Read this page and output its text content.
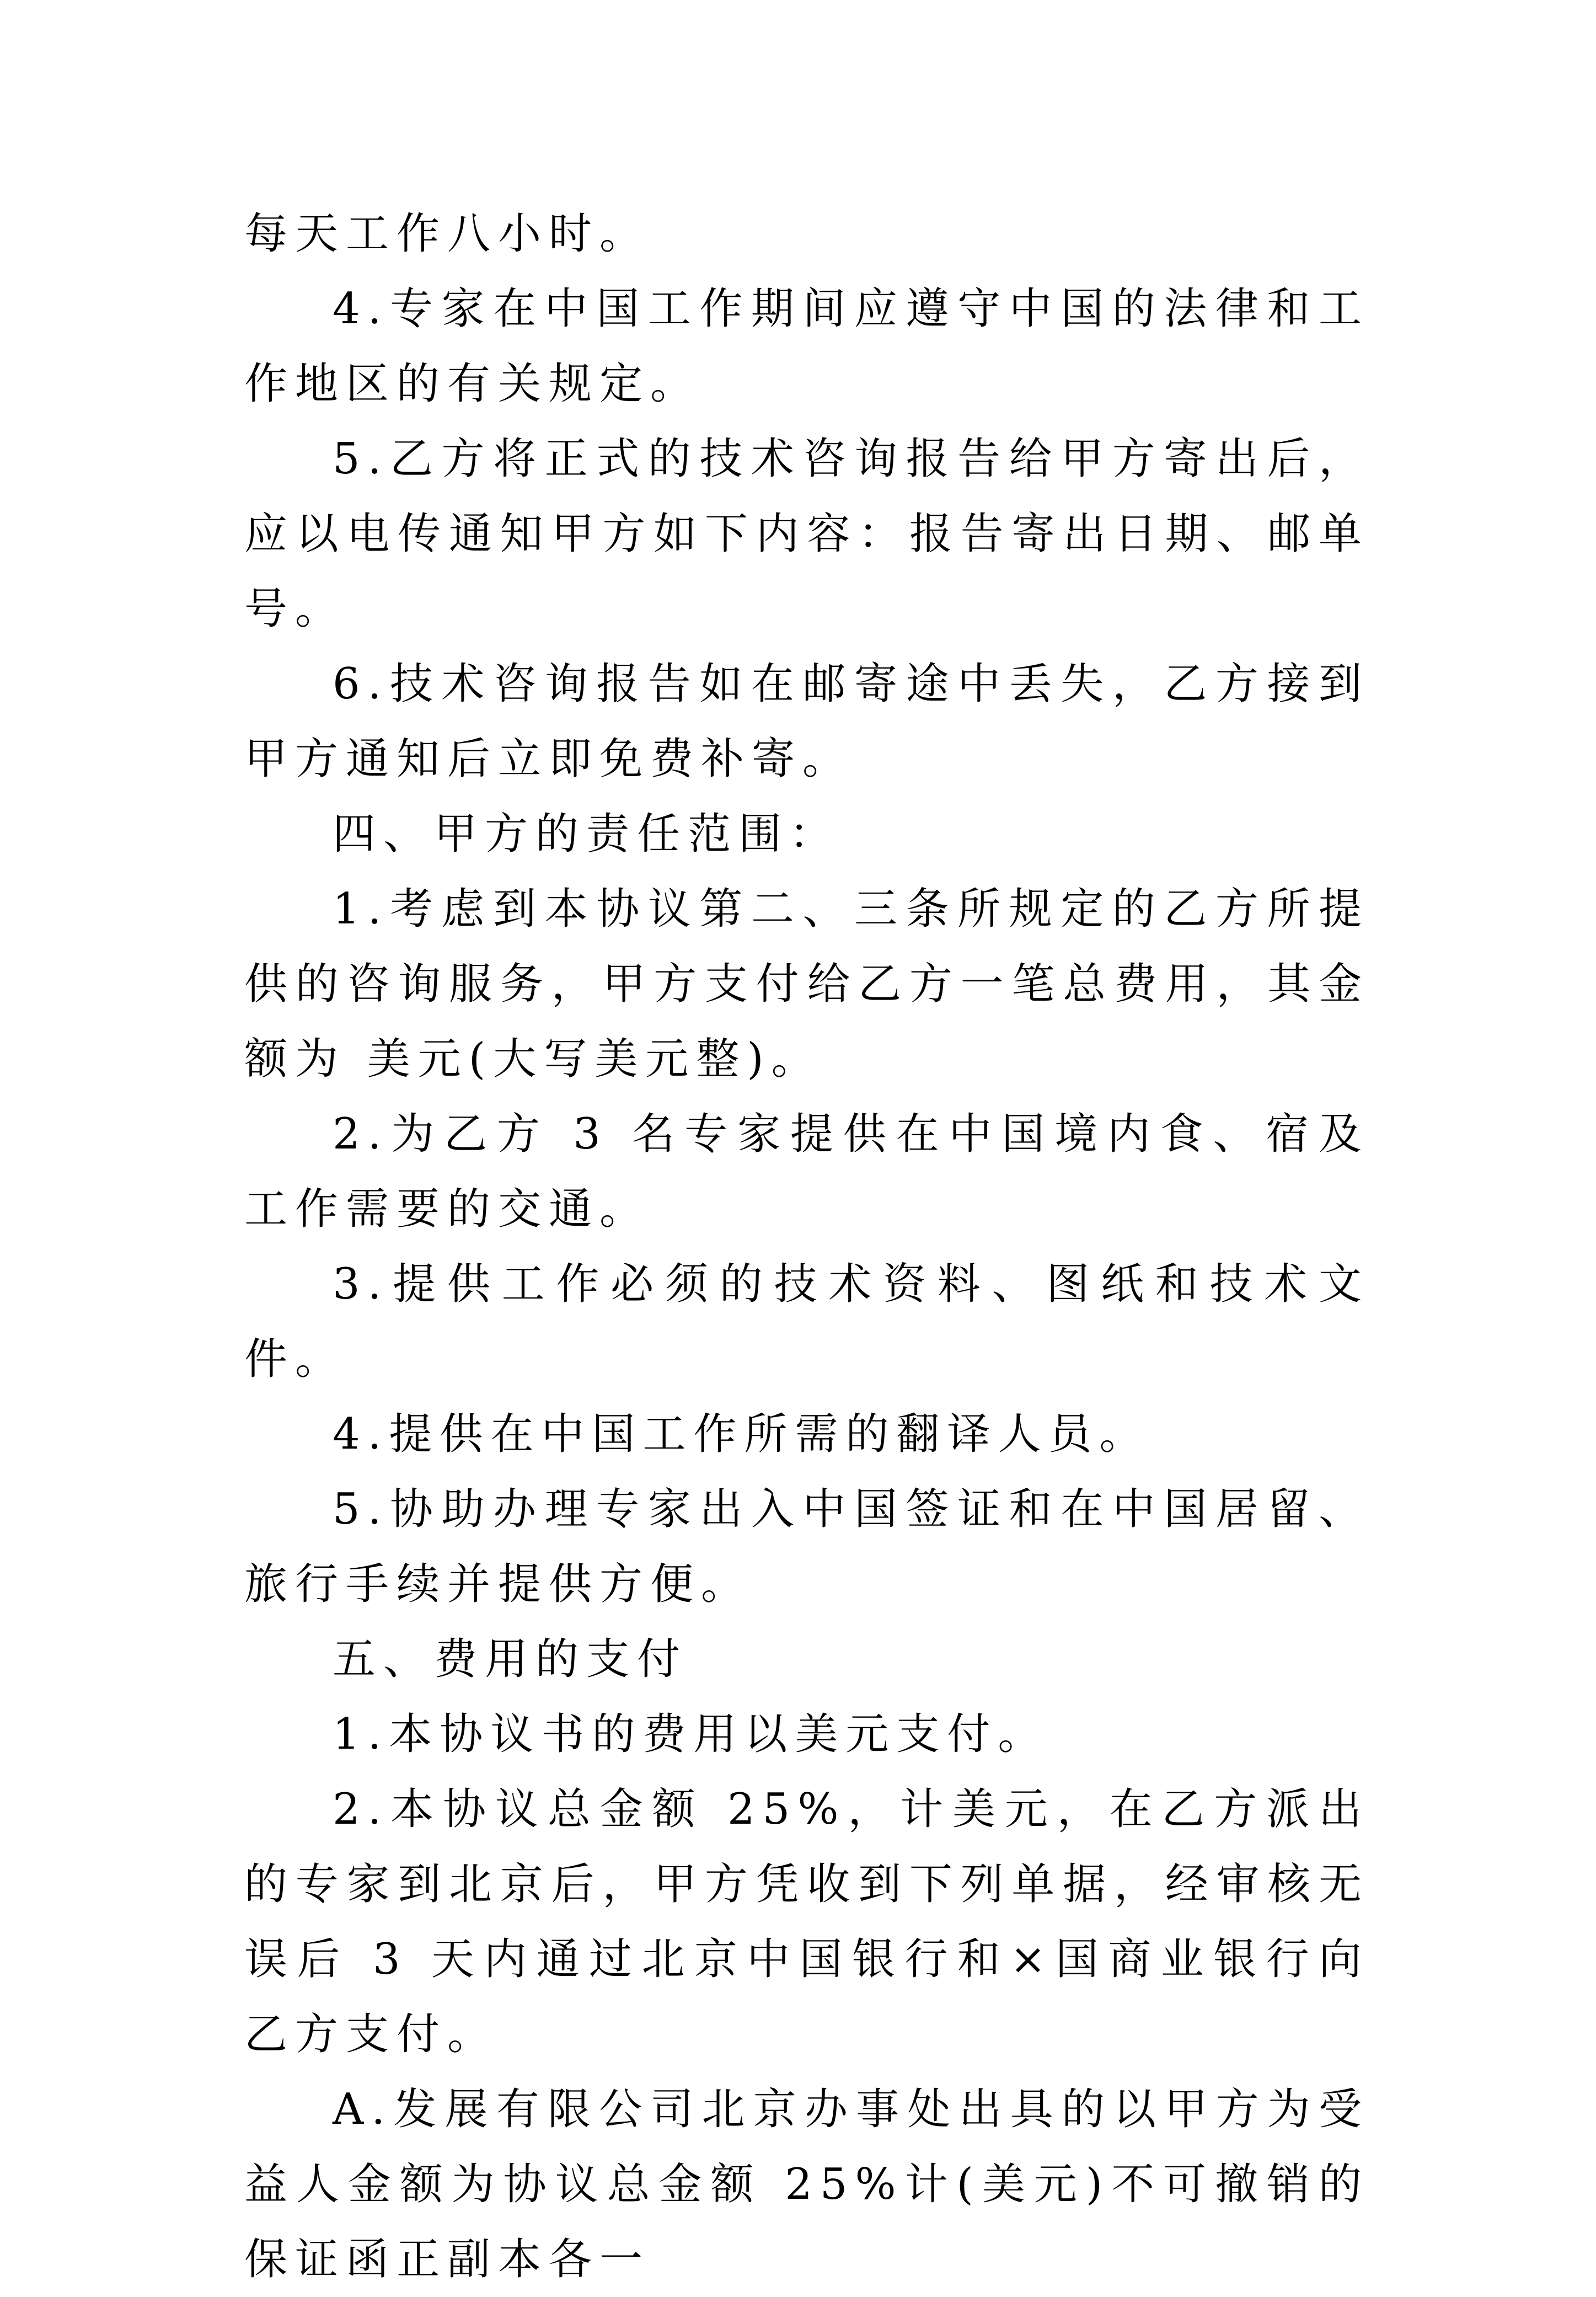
每天工作八小时。

4.专家在中国工作期间应遵守中国的法律和工作地区的有关规定。

5.乙方将正式的技术咨询报告给甲方寄出后，应以电传通知甲方如下内容：报告寄出日期、邮单号。

6.技术咨询报告如在邮寄途中丢失，乙方接到甲方通知后立即免费补寄。

四、甲方的责任范围：

1.考虑到本协议第二、三条所规定的乙方所提供的咨询服务，甲方支付给乙方一笔总费用，其金额为 美元(大写美元整)。

2.为乙方 3 名专家提供在中国境内食、宿及工作需要的交通。

3.提供工作必须的技术资料、图纸和技术文件。

4.提供在中国工作所需的翻译人员。

5.协助办理专家出入中国签证和在中国居留、旅行手续并提供方便。

五、费用的支付

1.本协议书的费用以美元支付。

2.本协议总金额 25%，计美元，在乙方派出的专家到北京后，甲方凭收到下列单据，经审核无误后 3 天内通过北京中国银行和×国商业银行向乙方支付。

A.发展有限公司北京办事处出具的以甲方为受益人金额为协议总金额 25%计(美元)不可撤销的保证函正副本各一
